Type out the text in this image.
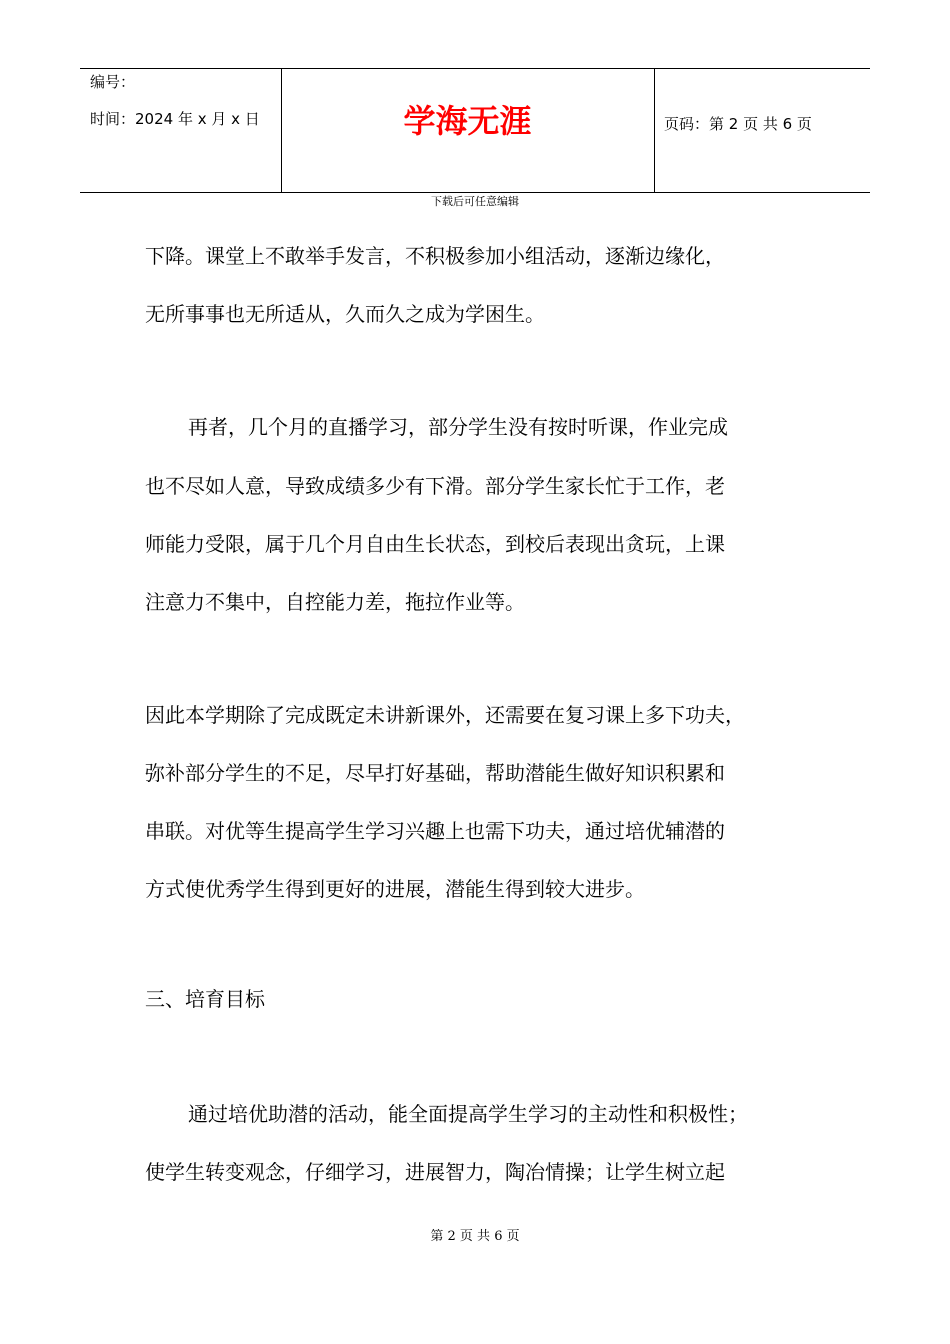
编号：
时间：2024 年 x 月 x 日	学海无涯	页码：第 2 页 共 6 页
下载后可任意编辑
下降。课堂上不敢举手发言，不积极参加小组活动，逐渐边缘化，
无所事事也无所适从，久而久之成为学困生。
再者，几个月的直播学习，部分学生没有按时听课，作业完成
也不尽如人意，导致成绩多少有下滑。部分学生家长忙于工作，老
师能力受限，属于几个月自由生长状态，到校后表现出贪玩，上课
注意力不集中，自控能力差，拖拉作业等。
因此本学期除了完成既定未讲新课外，还需要在复习课上多下功夫，
弥补部分学生的不足，尽早打好基础，帮助潜能生做好知识积累和
串联。对优等生提高学生学习兴趣上也需下功夫，通过培优辅潜的
方式使优秀学生得到更好的进展，潜能生得到较大进步。
三、培育目标
通过培优助潜的活动，能全面提高学生学习的主动性和积极性；
使学生转变观念，仔细学习，进展智力，陶冶情操；让学生树立起
第 2 页 共 6 页
